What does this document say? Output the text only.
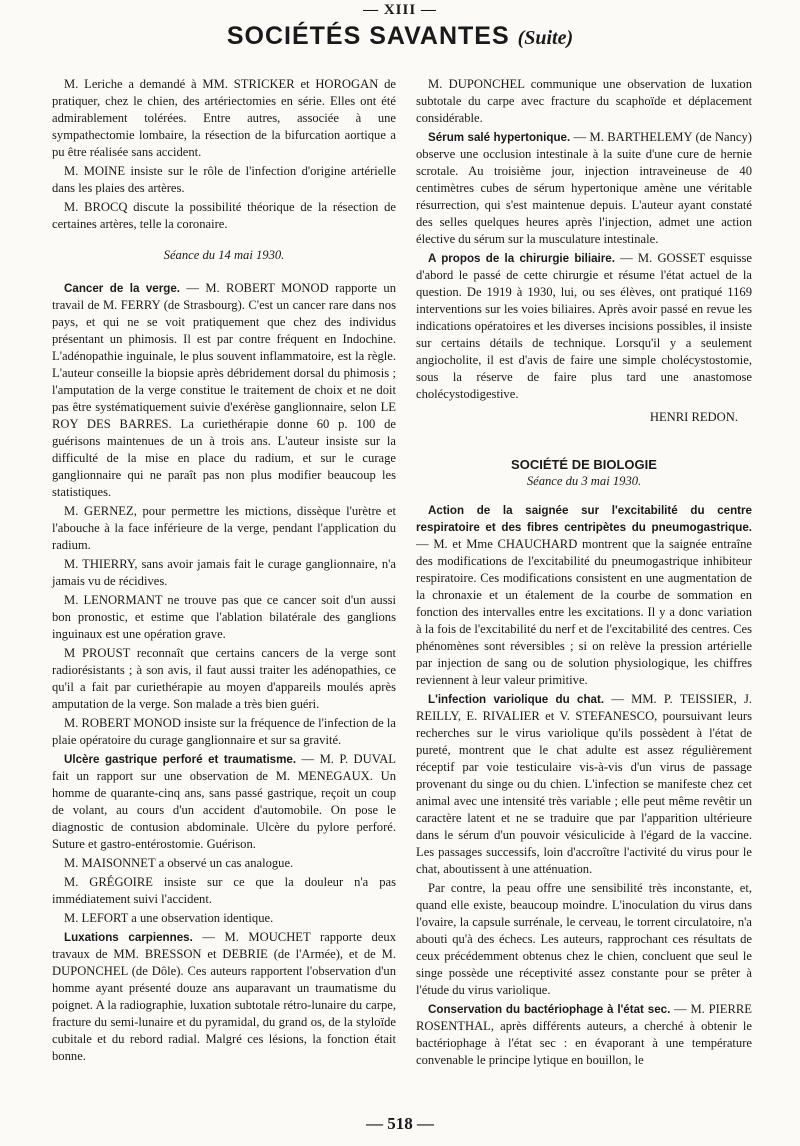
— XIII —
SOCIÉTÉS SAVANTES (Suite)

M. Leriche a demandé à MM. STRICKER et HOROGAN de pratiquer, chez le chien, des artériectomies en série. Elles ont été admirablement tolérées. Entre autres, associée à une sympathectomie lombaire, la résection de la bifurcation aortique a pu être réalisée sans accident.

M. MOINE insiste sur le rôle de l'infection d'origine artérielle dans les plaies des artères.

M. BROCQ discute la possibilité théorique de la résection de certaines artères, telle la coronaire.

Séance du 14 mai 1930.

Cancer de la verge. — M. ROBERT MONOD rapporte un travail de M. FERRY (de Strasbourg). C'est un cancer rare dans nos pays, et qui ne se voit pratiquement que chez des individus présentant un phimosis. Il est par contre fréquent en Indochine. L'adénopathie inguinale, le plus souvent inflammatoire, est la règle. L'auteur conseille la biopsie après débridement dorsal du phimosis ; l'amputation de la verge constitue le traitement de choix et ne doit pas être systématiquement suivie d'exérèse ganglionnaire, selon LE ROY DES BARRES. La curiethérapie donne 60 p. 100 de guérisons maintenues de un à trois ans. L'auteur insiste sur la difficulté de la mise en place du radium, et sur le curage ganglionnaire qui ne paraît pas non plus modifier beaucoup les statistiques.

M. GERNEZ, pour permettre les mictions, dissèque l'urètre et l'abouche à la face inférieure de la verge, pendant l'application du radium.

M. THIERRY, sans avoir jamais fait le curage ganglionnaire, n'a jamais vu de récidives.

M. LENORMANT ne trouve pas que ce cancer soit d'un aussi bon pronostic, et estime que l'ablation bilatérale des ganglions inguinaux est une opération grave.

M PROUST reconnaît que certains cancers de la verge sont radiorésistants ; à son avis, il faut aussi traiter les adénopathies, ce qu'il a fait par curiethérapie au moyen d'appareils moulés après amputation de la verge. Son malade a très bien guéri.

M. ROBERT MONOD insiste sur la fréquence de l'infection de la plaie opératoire du curage ganglionnaire et sur sa gravité.

Ulcère gastrique perforé et traumatisme. — M. P. DUVAL fait un rapport sur une observation de M. MENEGAUX. Un homme de quarante-cinq ans, sans passé gastrique, reçoit un coup de volant, au cours d'un accident d'automobile. On pose le diagnostic de contusion abdominale. Ulcère du pylore perforé. Suture et gastro-entérostomie. Guérison.

M. MAISONNET a observé un cas analogue.

M. GRÉGOIRE insiste sur ce que la douleur n'a pas immédiatement suivi l'accident.

M. LEFORT a une observation identique.

Luxations carpiennes. — M. MOUCHET rapporte deux travaux de MM. BRESSON et DEBRIE (de l'Armée), et de M. DUPONCHEL (de Dôle). Ces auteurs rapportent l'observation d'un homme ayant présenté douze ans auparavant un traumatisme du poignet. A la radiographie, luxation subtotale rétro-lunaire du carpe, fracture du semi-lunaire et du pyramidal, du grand os, de la styloïde cubitale et du rebord radial. Malgré ces lésions, la fonction était bonne.

M. DUPONCHEL communique une observation de luxation subtotale du carpe avec fracture du scaphoïde et déplacement considérable.

Sérum salé hypertonique. — M. BARTHELEMY (de Nancy) observe une occlusion intestinale à la suite d'une cure de hernie scrotale. Au troisième jour, injection intraveineuse de 40 centimètres cubes de sérum hypertonique amène une véritable résurrection, qui s'est maintenue depuis. L'auteur ayant constaté des selles quelques heures après l'injection, admet une action élective du sérum sur la musculature intestinale.

A propos de la chirurgie biliaire. — M. GOSSET esquisse d'abord le passé de cette chirurgie et résume l'état actuel de la question. De 1919 à 1930, lui, ou ses élèves, ont pratiqué 1169 interventions sur les voies biliaires. Après avoir passé en revue les indications opératoires et les diverses incisions possibles, il insiste sur certains détails de technique. Lorsqu'il y a seulement angiocholite, il est d'avis de faire une simple cholécystostomie, sous la réserve de faire plus tard une anastomose cholécystodigestive.

HENRI REDON.

SOCIÉTÉ DE BIOLOGIE

Séance du 3 mai 1930.

Action de la saignée sur l'excitabilité du centre respiratoire et des fibres centripètes du pneumogastrique. — M. et Mme CHAUCHARD montrent que la saignée entraîne des modifications de l'excitabilité du pneumogastrique inhibiteur respiratoire. Ces modifications consistent en une augmentation de la chronaxie et un étalement de la courbe de sommation en fonction des intervalles entre les excitations. Il y a donc variation à la fois de l'excitabilité du nerf et de l'excitabilité des centres. Ces phénomènes sont réversibles ; si on relève la pression artérielle par injection de sang ou de solution physiologique, les chiffres reviennent à leur valeur primitive.

L'infection variolique du chat. — MM. P. TEISSIER, J. REILLY, E. RIVALIER et V. STEFANESCO, poursuivant leurs recherches sur le virus variolique qu'ils possèdent à l'état de pureté, montrent que le chat adulte est assez régulièrement réceptif par voie testiculaire vis-à-vis d'un virus de passage provenant du singe ou du chien. L'infection se manifeste chez cet animal avec une intensité très variable ; elle peut même revêtir un caractère latent et ne se traduire que par l'apparition ultérieure dans le sérum d'un pouvoir vésiculicide à l'égard de la vaccine. Les passages successifs, loin d'accroître l'activité du virus pour le chat, aboutissent à une atténuation.

Par contre, la peau offre une sensibilité très inconstante, et, quand elle existe, beaucoup moindre. L'inoculation du virus dans l'ovaire, la capsule surrénale, le cerveau, le torrent circulatoire, n'a abouti qu'à des échecs. Les auteurs, rapprochant ces résultats de ceux précédemment obtenus chez le chien, concluent que seul le singe possède une réceptivité assez constante pour se prêter à l'étude du virus variolique.

Conservation du bactériophage à l'état sec. — M. PIERRE ROSENTHAL, après différents auteurs, a cherché à obtenir le bactériophage à l'état sec : en évaporant à une température convenable le principe lytique en bouillon, le

— 518 —
